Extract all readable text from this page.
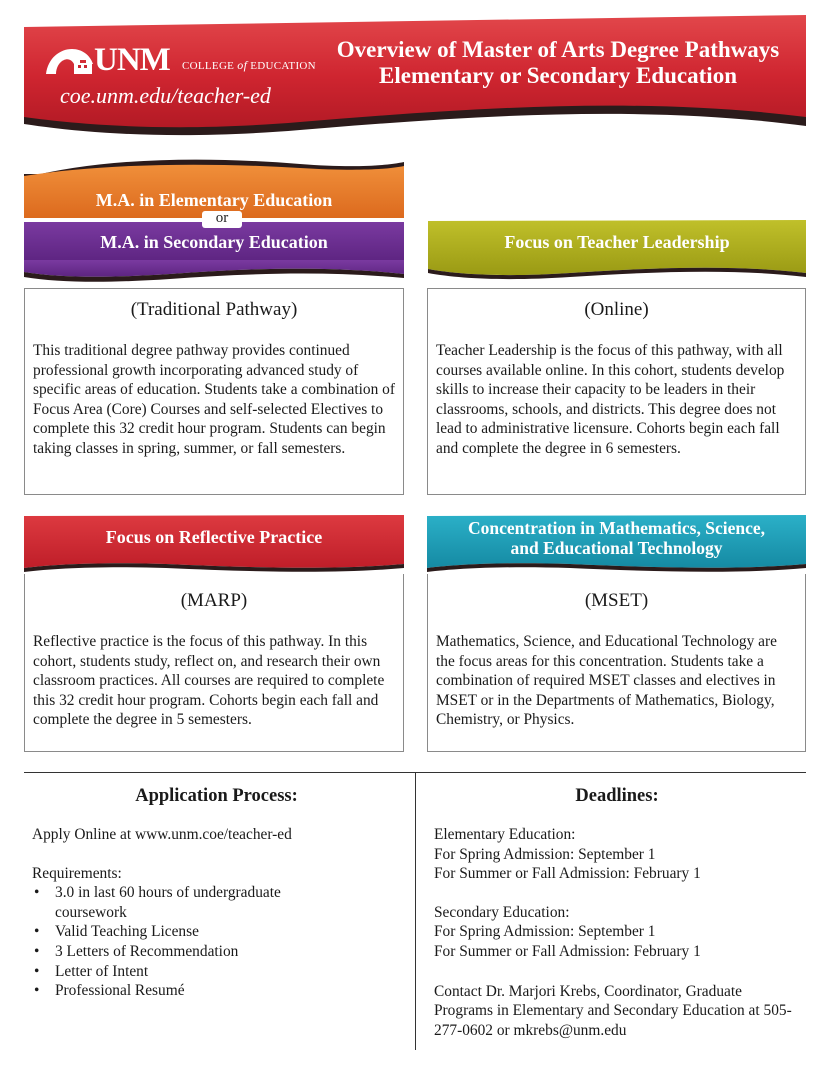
UNM COLLEGE of EDUCATION
coe.unm.edu/teacher-ed
Overview of Master of Arts Degree Pathways
Elementary or Secondary Education
M.A. in Elementary Education
or
M.A. in Secondary Education
(Traditional Pathway)
This traditional degree pathway provides continued professional growth incorporating advanced study of specific areas of education. Students take a combination of Focus Area (Core) Courses and self-selected Electives to complete this 32 credit hour program. Students can begin taking classes in spring, summer, or fall semesters.
Focus on Teacher Leadership
(Online)
Teacher Leadership is the focus of this pathway, with all courses available online. In this cohort, students develop skills to increase their capacity to be leaders in their classrooms, schools, and districts. This degree does not lead to administrative licensure. Cohorts begin each fall and complete the degree in 6 semesters.
Focus on Reflective Practice
(MARP)
Reflective practice is the focus of this pathway. In this cohort, students study, reflect on, and research their own classroom practices. All courses are required to complete this 32 credit hour program. Cohorts begin each fall and complete the degree in 5 semesters.
Concentration in Mathematics, Science,
and Educational Technology
(MSET)
Mathematics, Science, and Educational Technology are the focus areas for this concentration. Students take a combination of required MSET classes and electives in MSET or in the Departments of Mathematics, Biology, Chemistry, or Physics.
Application Process:
Apply Online at www.unm.coe/teacher-ed
Requirements:
• 3.0 in last 60 hours of undergraduate coursework
• Valid Teaching License
• 3 Letters of Recommendation
• Letter of Intent
• Professional Resumé
Deadlines:
Elementary Education:
For Spring Admission: September 1
For Summer or Fall Admission: February 1
Secondary Education:
For Spring Admission: September 1
For Summer or Fall Admission: February 1
Contact Dr. Marjori Krebs, Coordinator, Graduate Programs in Elementary and Secondary Education at 505-277-0602 or mkrebs@unm.edu
